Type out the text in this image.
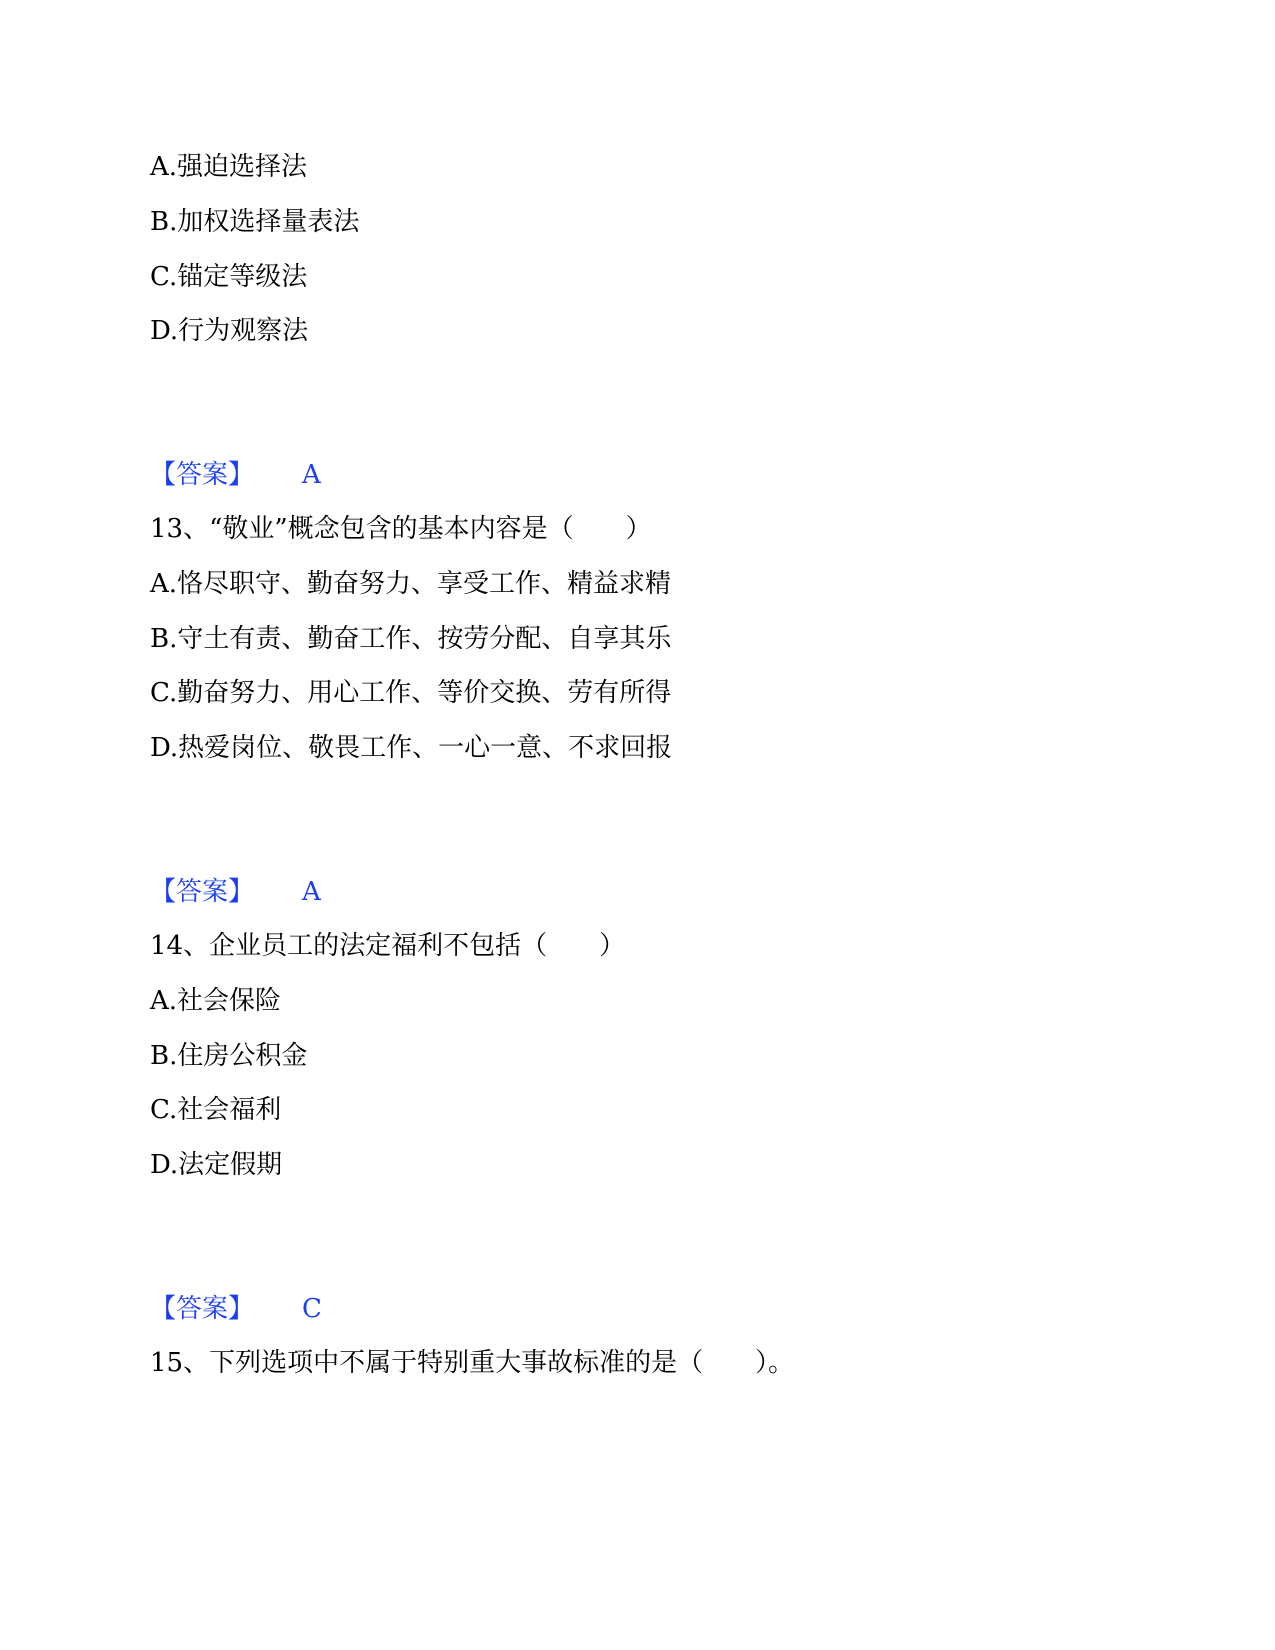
A.强迫选择法
B.加权选择量表法
C.锚定等级法
D.行为观察法
【答案】 A
13、“敬业”概念包含的基本内容是（　　）
A.恪尽职守、勤奋努力、享受工作、精益求精
B.守土有责、勤奋工作、按劳分配、自享其乐
C.勤奋努力、用心工作、等价交换、劳有所得
D.热爱岗位、敬畏工作、一心一意、不求回报
【答案】 A
14、企业员工的法定福利不包括（　　）
A.社会保险
B.住房公积金
C.社会福利
D.法定假期
【答案】 C
15、下列选项中不属于特别重大事故标准的是（　　）。
